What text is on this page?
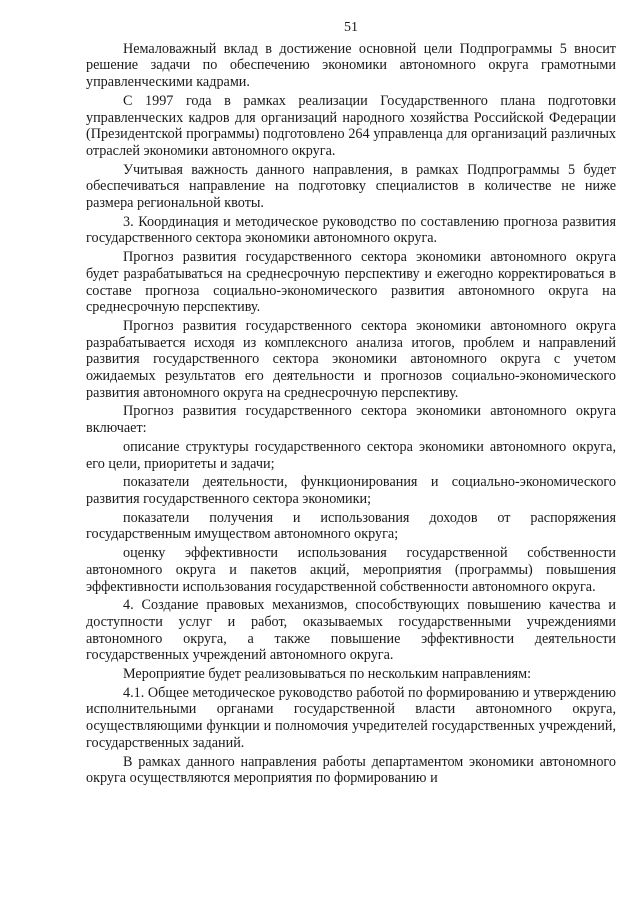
51

Немаловажный вклад в достижение основной цели Подпрограммы 5 вносит решение задачи по обеспечению экономики автономного округа грамотными управленческими кадрами.

С 1997 года в рамках реализации Государственного плана подготовки управленческих кадров для организаций народного хозяйства Российской Федерации (Президентской программы) подготовлено 264 управленца для организаций различных отраслей экономики автономного округа.

Учитывая важность данного направления, в рамках Подпрограммы 5 будет обеспечиваться направление на подготовку специалистов в количестве не ниже размера региональной квоты.

3. Координация и методическое руководство по составлению прогноза развития государственного сектора экономики автономного округа.

Прогноз развития государственного сектора экономики автономного округа будет разрабатываться на среднесрочную перспективу и ежегодно корректироваться в составе прогноза социально-экономического развития автономного округа на среднесрочную перспективу.

Прогноз развития государственного сектора экономики автономного округа разрабатывается исходя из комплексного анализа итогов, проблем и направлений развития государственного сектора экономики автономного округа с учетом ожидаемых результатов его деятельности и прогнозов социально-экономического развития автономного округа на среднесрочную перспективу.

Прогноз развития государственного сектора экономики автономного округа включает:

описание структуры государственного сектора экономики автономного округа, его цели, приоритеты и задачи;

показатели деятельности, функционирования и социально-экономического развития государственного сектора экономики;

показатели получения и использования доходов от распоряжения государственным имуществом автономного округа;

оценку эффективности использования государственной собственности автономного округа и пакетов акций, мероприятия (программы) повышения эффективности использования государственной собственности автономного округа.

4. Создание правовых механизмов, способствующих повышению качества и доступности услуг и работ, оказываемых государственными учреждениями автономного округа, а также повышение эффективности деятельности государственных учреждений автономного округа.

Мероприятие будет реализовываться по нескольким направлениям:

4.1. Общее методическое руководство работой по формированию и утверждению исполнительными органами государственной власти автономного округа, осуществляющими функции и полномочия учредителей государственных учреждений, государственных заданий.

В рамках данного направления работы департаментом экономики автономного округа осуществляются мероприятия по формированию и
